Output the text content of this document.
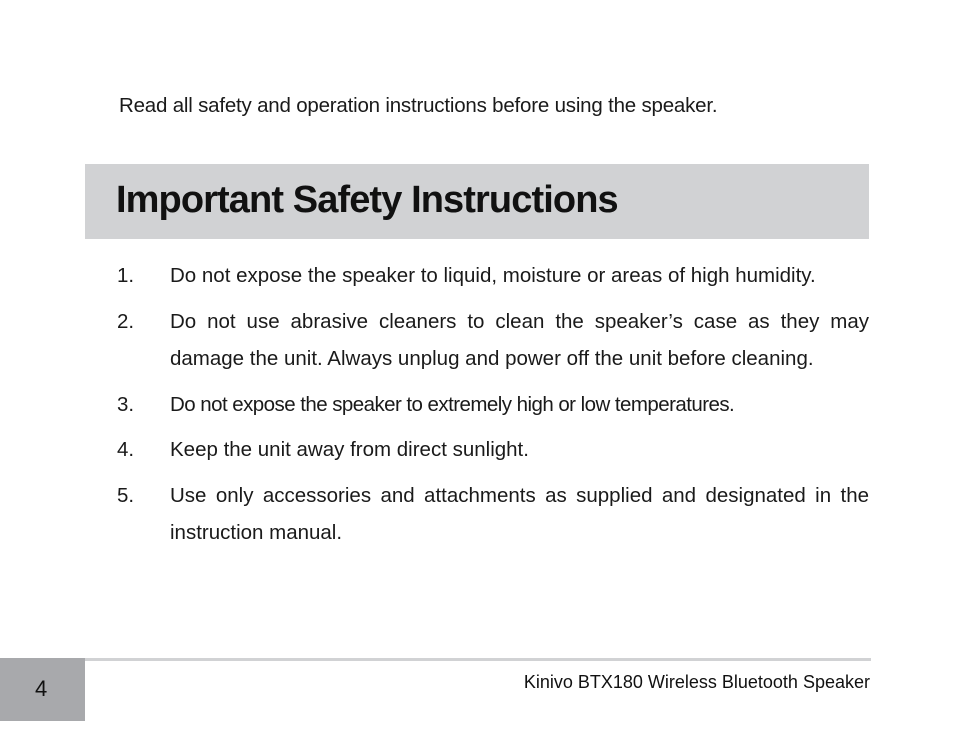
Read all safety and operation instructions before using the speaker.

Important Safety Instructions
1.	Do not expose the speaker to liquid, moisture or areas of high humidity.
2.	Do not use abrasive cleaners to clean the speaker’s case as they may damage the unit. Always unplug and power off the unit before cleaning.
3.	Do not expose the speaker to extremely high or low temperatures.
4.	Keep the unit away from direct sunlight.
5.	Use only accessories and attachments as supplied and designated in the instruction manual.
4	Kinivo BTX180 Wireless Bluetooth Speaker
